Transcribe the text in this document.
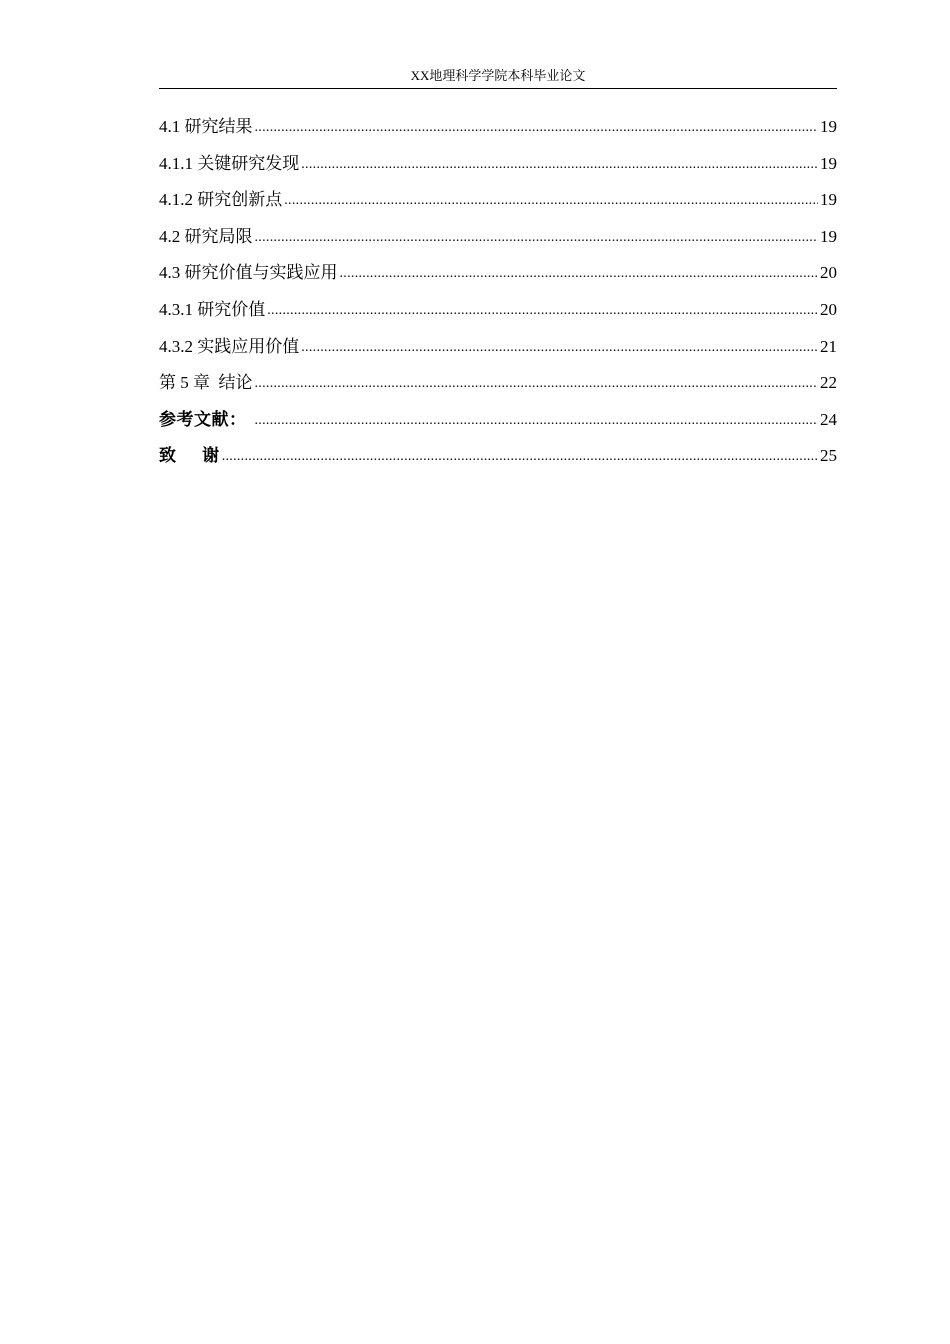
XX地理科学学院本科毕业论文
4.1 研究结果 .....	19
4.1.1 关键研究发现 .....	19
4.1.2 研究创新点 .....	19
4.2 研究局限 .....	19
4.3 研究价值与实践应用 .....	20
4.3.1 研究价值 .....	20
4.3.2 实践应用价值 .....	21
第 5 章  结论 .....	22
参考文献： .....	24
致    谢 .....	25
